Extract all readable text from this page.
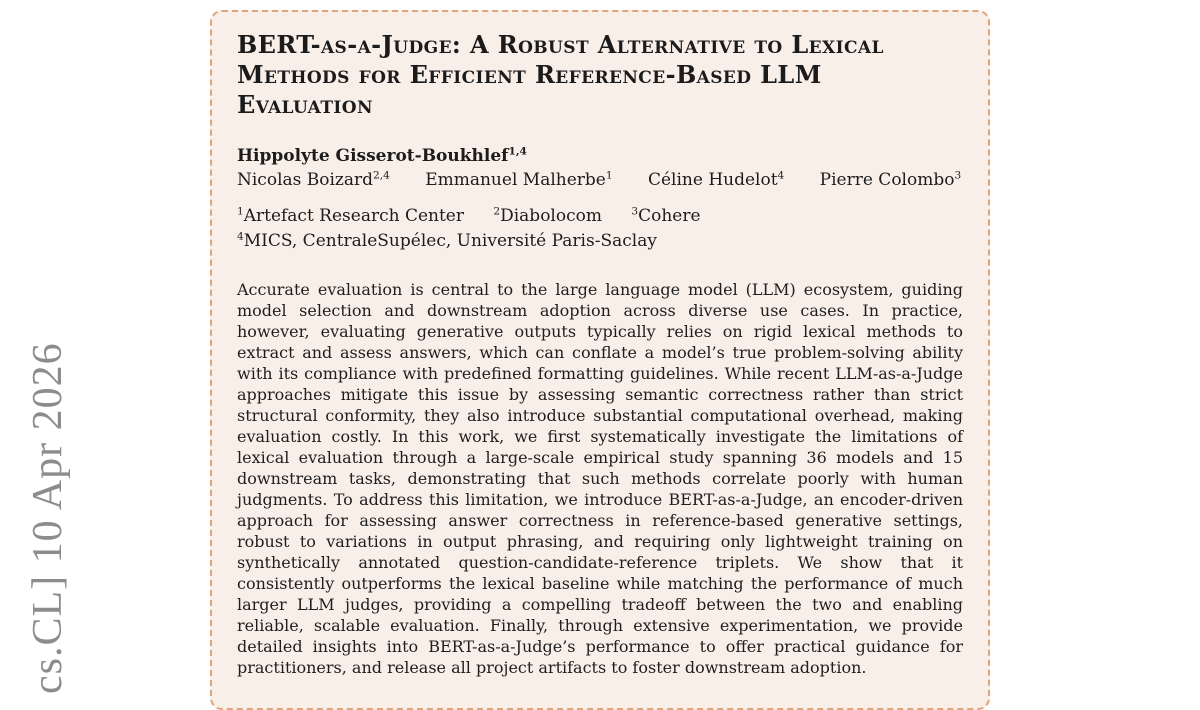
cs.CL] 10 Apr 2026
BERT-as-a-Judge: A Robust Alternative to Lexical Methods for Efficient Reference-Based LLM Evaluation
Hippolyte Gisserot-Boukhlef$^{1,4}$
Nicolas Boizard$^{2,4}$ Emmanuel Malherbe$^1$ Céline Hudelot$^4$ Pierre Colombo$^3$
$^1$Artefact Research Center	$^2$Diabolocom	$^3$Cohere
$^4$MICS, CentraleSupélec, Université Paris-Saclay

Accurate evaluation is central to the large language model (LLM) ecosystem, guiding model selection and downstream adoption across diverse use cases. In practice, however, evaluating generative outputs typically relies on rigid lexical methods to extract and assess answers, which can conflate a model’s true problem-solving ability with its compliance with predefined formatting guidelines. While recent LLM-as-a-Judge approaches mitigate this issue by assessing semantic correctness rather than strict structural conformity, they also introduce substantial computational overhead, making evaluation costly. In this work, we first systematically investigate the limitations of lexical evaluation through a large-scale empirical study spanning 36 models and 15 downstream tasks, demonstrating that such methods correlate poorly with human judgments. To address this limitation, we introduce BERT-as-a-Judge, an encoder-driven approach for assessing answer correctness in reference-based generative settings, robust to variations in output phrasing, and requiring only lightweight training on synthetically annotated question-candidate-reference triplets. We show that it consistently outperforms the lexical baseline while matching the performance of much larger LLM judges, providing a compelling tradeoff between the two and enabling reliable, scalable evaluation. Finally, through extensive experimentation, we provide detailed insights into BERT-as-a-Judge’s performance to offer practical guidance for practitioners, and release all project artifacts to foster downstream adoption.
